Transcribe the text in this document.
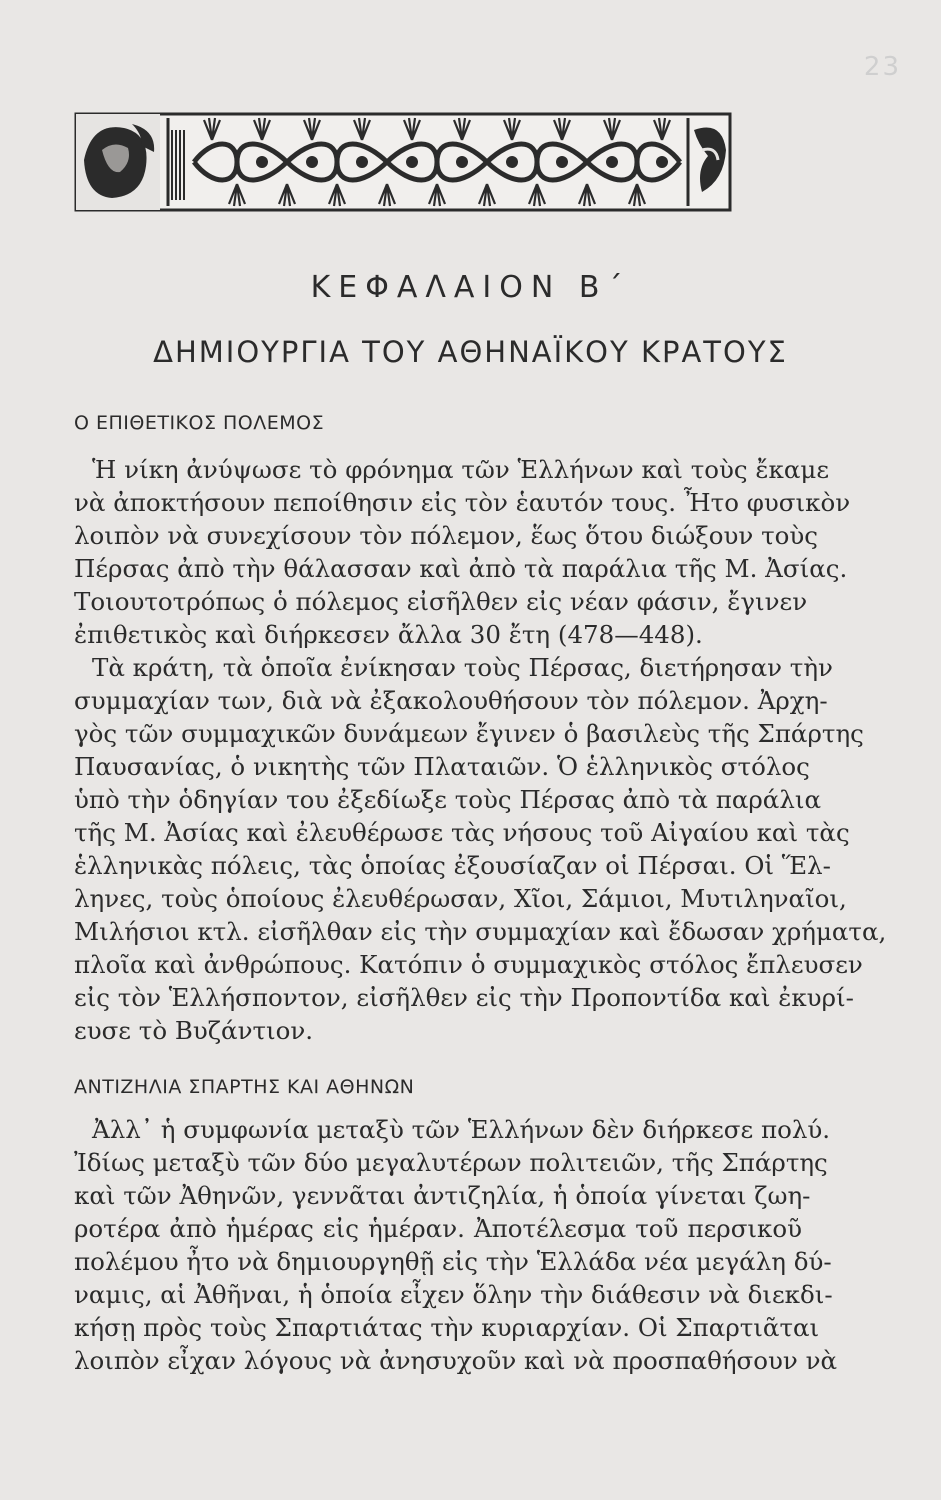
23
ΚΕΦΑΛΑΙΟΝ Β΄
ΔΗΜΙΟΥΡΓΙΑ ΤΟΥ ΑΘΗΝΑΪΚΟΥ ΚΡΑΤΟΥΣ
Ο ΕΠΙΘΕΤΙΚΟΣ ΠΟΛΕΜΟΣ
Ἡ νίκη ἀνύψωσε τὸ φρόνημα τῶν Ἑλλήνων καὶ τοὺς ἔκαμε
νὰ ἀποκτήσουν πεποίθησιν εἰς τὸν ἑαυτόν τους. Ἦτο φυσικὸν
λοιπὸν νὰ συνεχίσουν τὸν πόλεμον, ἕως ὅτου διώξουν τοὺς
Πέρσας ἀπὸ τὴν θάλασσαν καὶ ἀπὸ τὰ παράλια τῆς Μ. Ἀσίας.
Τοιουτοτρόπως ὁ πόλεμος εἰσῆλθεν εἰς νέαν φάσιν, ἔγινεν
ἐπιθετικὸς καὶ διήρκεσεν ἄλλα 30 ἔτη (478—448).
Τὰ κράτη, τὰ ὁποῖα ἐνίκησαν τοὺς Πέρσας, διετήρησαν τὴν
συμμαχίαν των, διὰ νὰ ἐξακολουθήσουν τὸν πόλεμον. Ἀρχη-
γὸς τῶν συμμαχικῶν δυνάμεων ἔγινεν ὁ βασιλεὺς τῆς Σπάρτης
Παυσανίας, ὁ νικητὴς τῶν Πλαταιῶν. Ὁ ἑλληνικὸς στόλος
ὑπὸ τὴν ὁδηγίαν του ἐξεδίωξε τοὺς Πέρσας ἀπὸ τὰ παράλια
τῆς Μ. Ἀσίας καὶ ἐλευθέρωσε τὰς νήσους τοῦ Αἰγαίου καὶ τὰς
ἑλληνικὰς πόλεις, τὰς ὁποίας ἐξουσίαζαν οἱ Πέρσαι. Οἱ Ἕλ-
ληνες, τοὺς ὁποίους ἐλευθέρωσαν, Χῖοι, Σάμιοι, Μυτιληναῖοι,
Μιλήσιοι κτλ. εἰσῆλθαν εἰς τὴν συμμαχίαν καὶ ἔδωσαν χρήματα,
πλοῖα καὶ ἀνθρώπους. Κατόπιν ὁ συμμαχικὸς στόλος ἔπλευσεν
εἰς τὸν Ἑλλήσποντον, εἰσῆλθεν εἰς τὴν Προποντίδα καὶ ἐκυρί-
ευσε τὸ Βυζάντιον.
ΑΝΤΙΖΗΛΙΑ ΣΠΑΡΤΗΣ ΚΑΙ ΑΘΗΝΩΝ
Ἀλλ᾿ ἡ συμφωνία μεταξὺ τῶν Ἑλλήνων δὲν διήρκεσε πολύ.
Ἰδίως μεταξὺ τῶν δύο μεγαλυτέρων πολιτειῶν, τῆς Σπάρτης
καὶ τῶν Ἀθηνῶν, γεννᾶται ἀντιζηλία, ἡ ὁποία γίνεται ζωη-
ροτέρα ἀπὸ ἡμέρας εἰς ἡμέραν. Ἀποτέλεσμα τοῦ περσικοῦ
πολέμου ἦτο νὰ δημιουργηθῇ εἰς τὴν Ἑλλάδα νέα μεγάλη δύ-
ναμις, αἱ Ἀθῆναι, ἡ ὁποία εἶχεν ὅλην τὴν διάθεσιν νὰ διεκδι-
κήσῃ πρὸς τοὺς Σπαρτιάτας τὴν κυριαρχίαν. Οἱ Σπαρτιᾶται
λοιπὸν εἶχαν λόγους νὰ ἀνησυχοῦν καὶ νὰ προσπαθήσουν νὰ
